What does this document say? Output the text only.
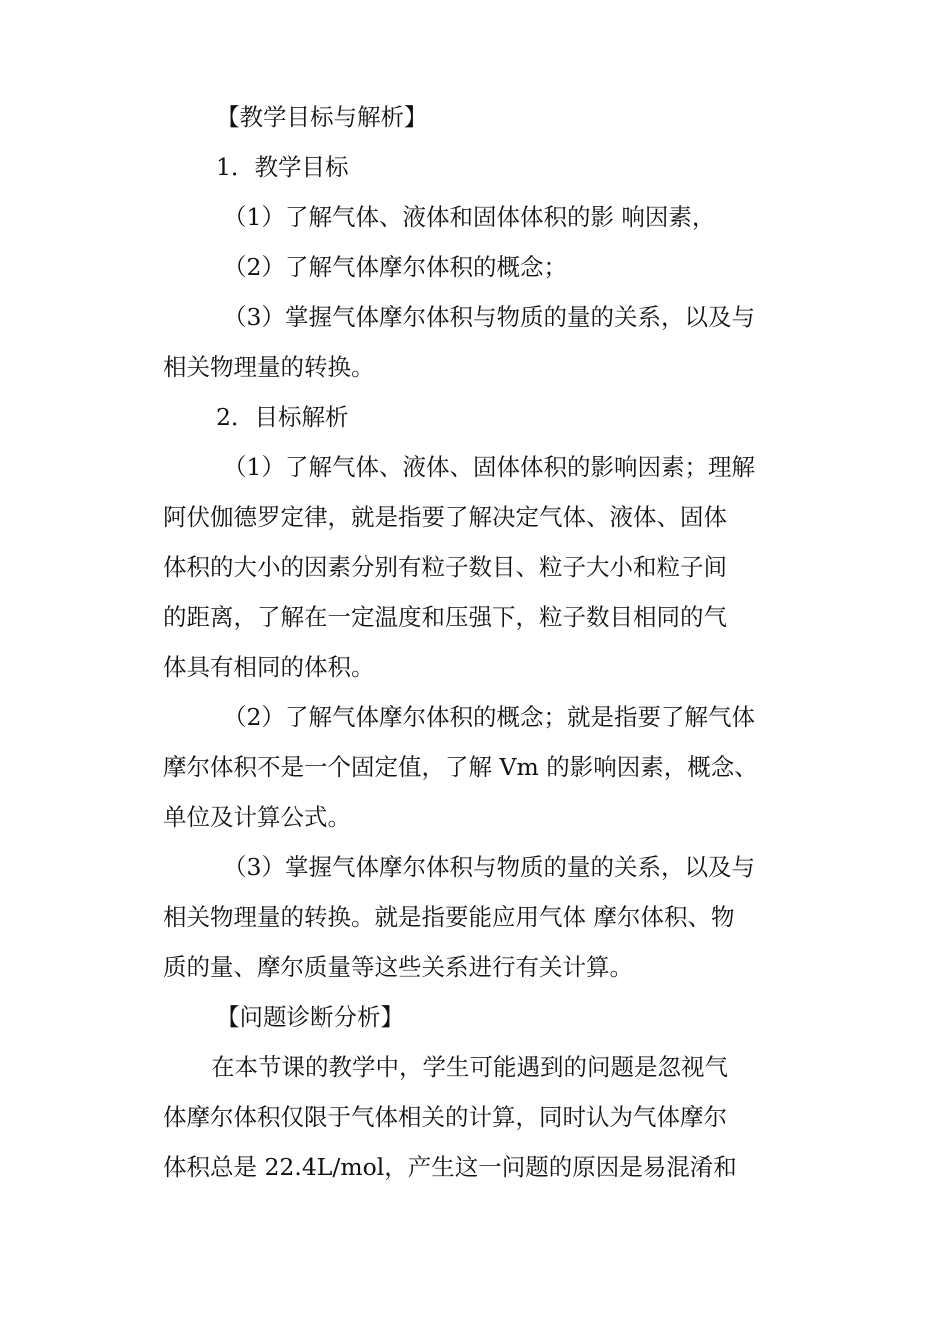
【教学目标与解析】
1．教学目标
（1）了解气体、液体和固体体积的影 响因素，
（2）了解气体摩尔体积的概念；
（3）掌握气体摩尔体积与物质的量的关系，以及与
相关物理量的转换。
2．目标解析
（1）了解气体、液体、固体体积的影响因素；理解
阿伏伽德罗定律，就是指要了解决定气体、液体、固体
体积的大小的因素分别有粒子数目、粒子大小和粒子间
的距离，了解在一定温度和压强下，粒子数目相同的气
体具有相同的体积。
（2）了解气体摩尔体积的概念；就是指要了解气体
摩尔体积不是一个固定值，了解 Vm 的影响因素，概念、
单位及计算公式。
（3）掌握气体摩尔体积与物质的量的关系，以及与
相关物理量的转换。就是指要能应用气体 摩尔体积、物
质的量、摩尔质量等这些关系进行有关计算。
【问题诊断分析】
在本节课的教学中，学生可能遇到的问题是忽视气
体摩尔体积仅限于气体相关的计算，同时认为气体摩尔
体积总是 22.4L/mol，产生这一问题的原因是易混淆和
